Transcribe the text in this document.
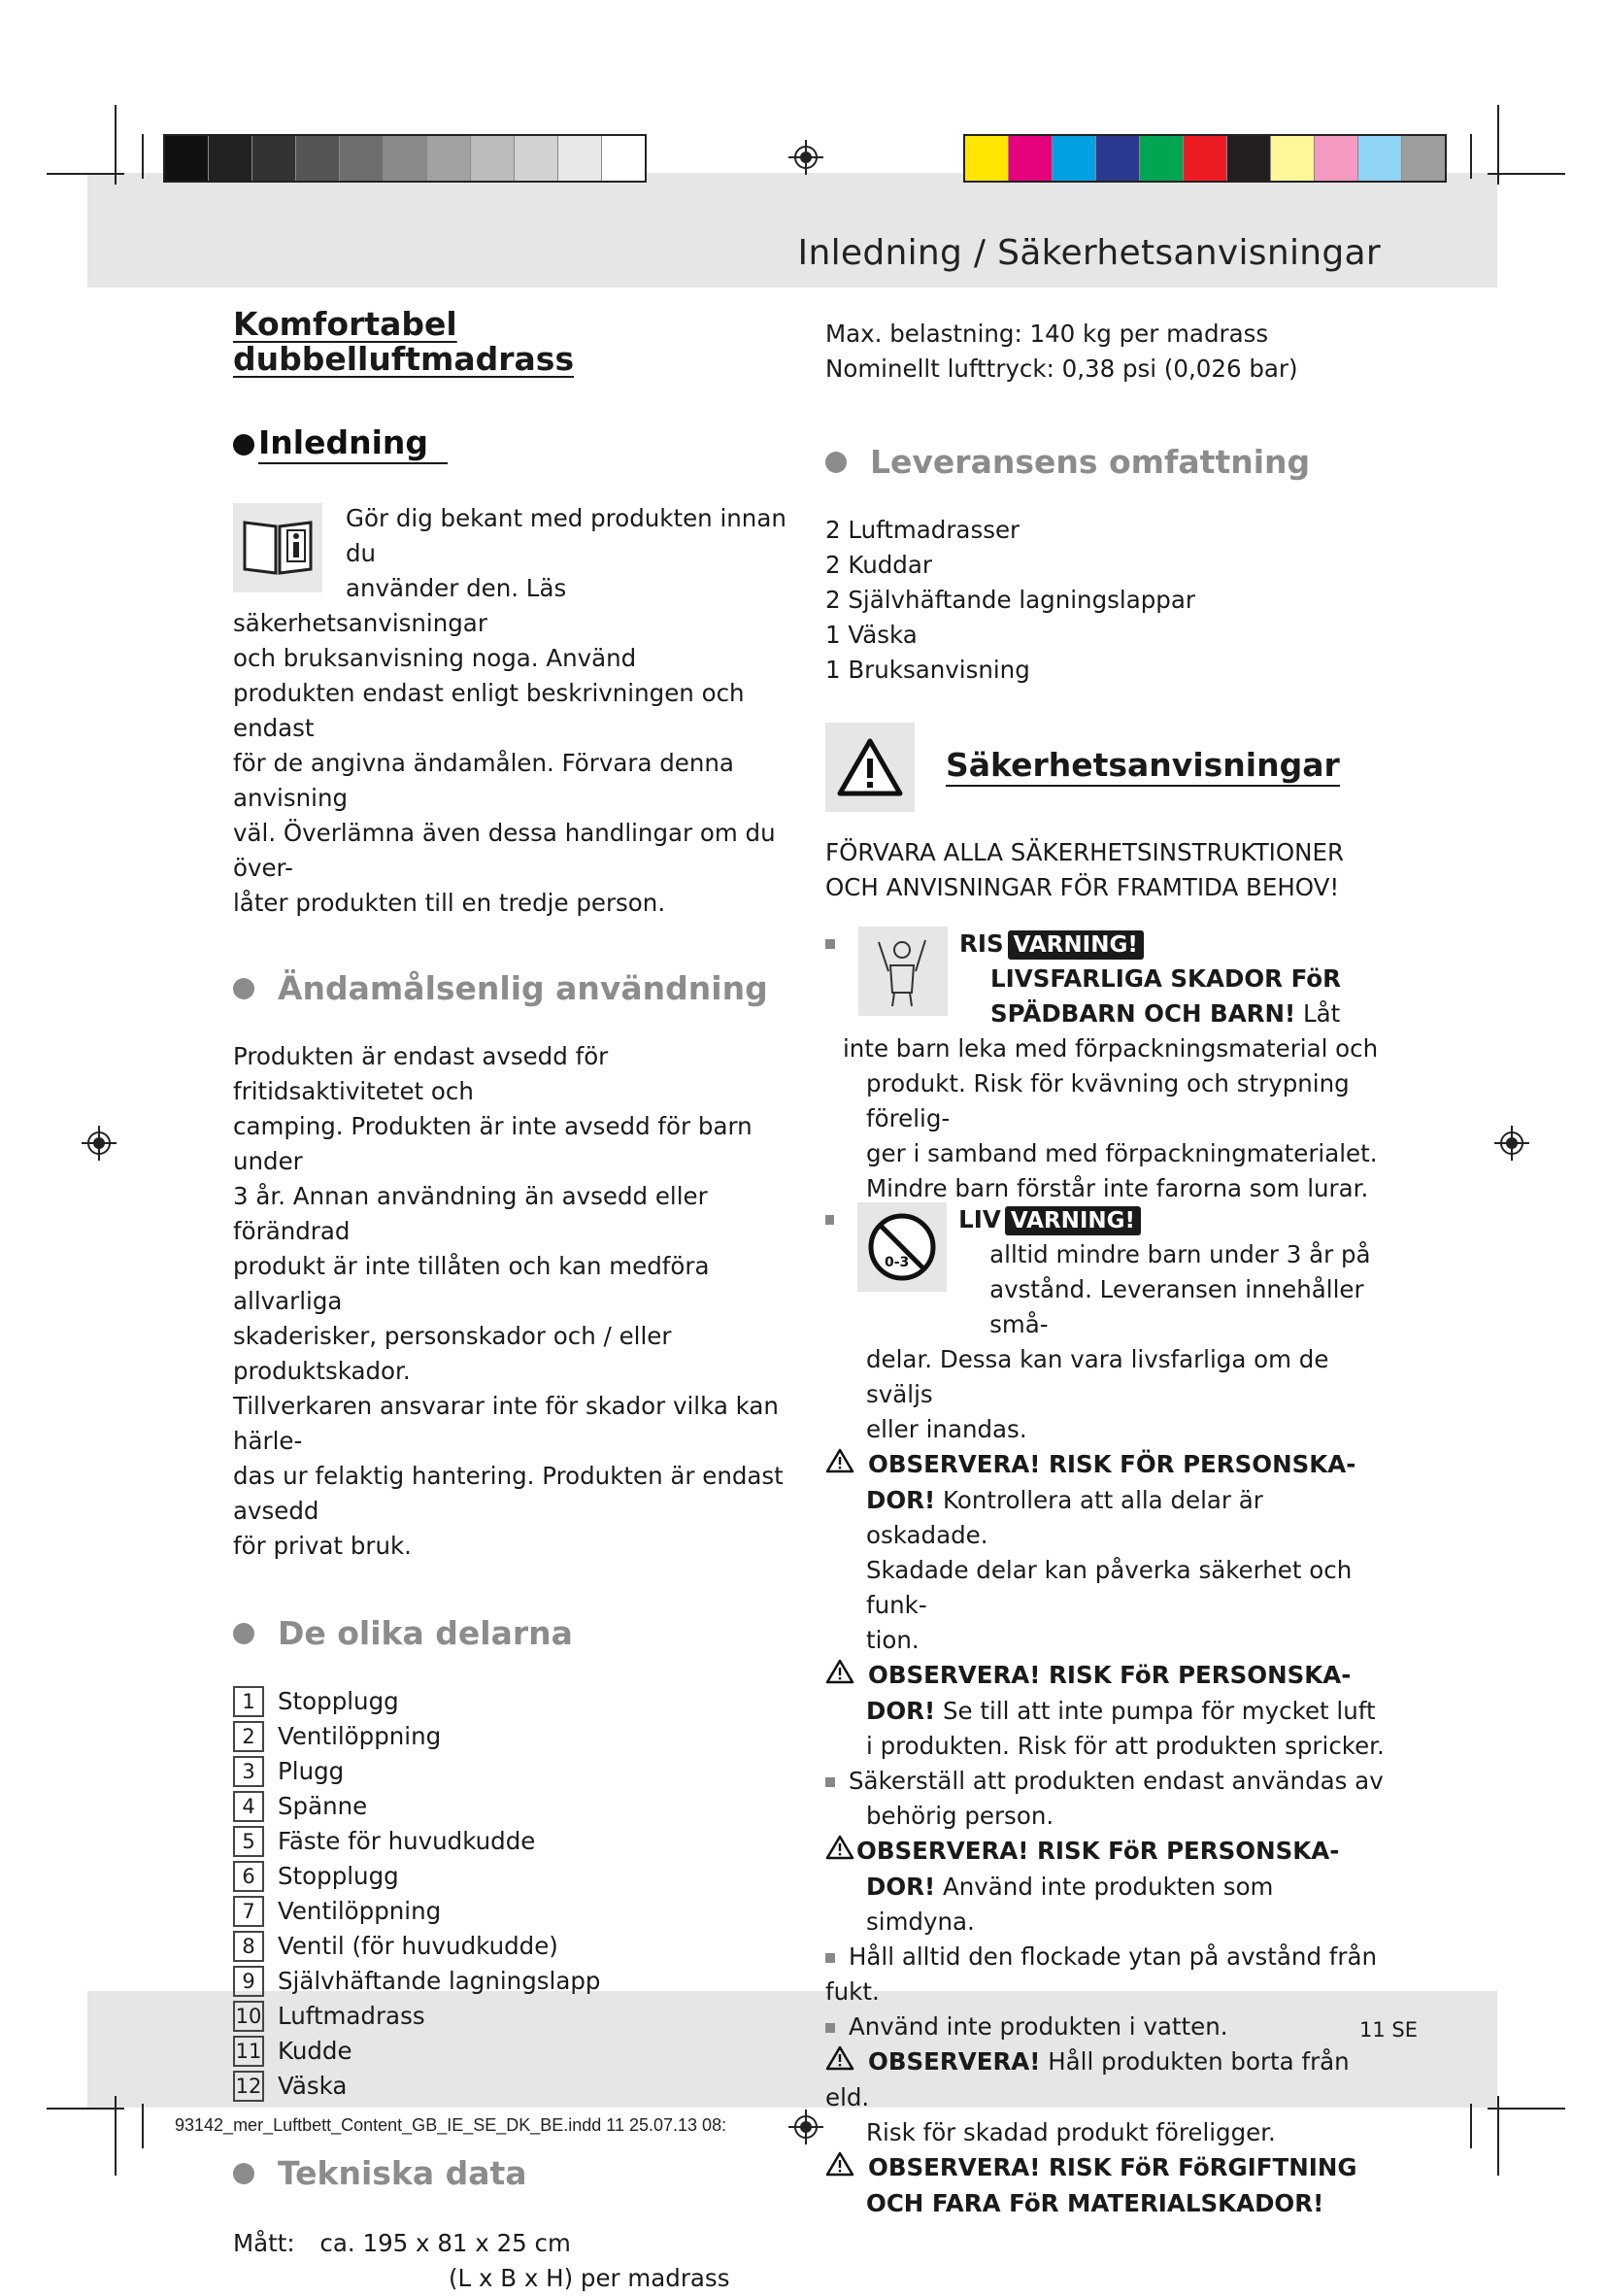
Inledning / Säkerhetsanvisningar
Komfortabel dubbelluftmadrass
Inledning

Gör dig bekant med produkten innan du

använder den. Läs säkerhetsanvisningar

och bruksanvisning noga. Använd

produkten endast enligt beskrivningen och endast

för de angivna ändamålen. Förvara denna anvisning

väl. Överlämna även dessa handlingar om du över-

låter produkten till en tredje person.

Ändamålsenlig användning

Produkten är endast avsedd för fritidsaktivitetet och

camping. Produkten är inte avsedd för barn under

3 år. Annan användning än avsedd eller förändrad

produkt är inte tillåten och kan medföra allvarliga

skaderisker, personskador och / eller produktskador.

Tillverkaren ansvarar inte för skador vilka kan härle-

das ur felaktig hantering. Produkten är endast avsedd

för privat bruk.

De olika delarna
1 Stopplugg
2 Ventilöppning
3 Plugg
4 Spänne
5 Fäste för huvudkudde
6 Stopplugg
7 Ventilöppning
8 Ventil (för huvudkudde)
9 Självhäftande lagningslapp
10 Luftmadrass
11 Kudde
12 Väska
Tekniska data

Mått: ca. 195 x 81 x 25 cm

(L x B x H) per madrass

Max. belastning: 140 kg per madrass

Nominellt lufttryck: 0,38 psi (0,026 bar)

Leveransens omfattning

2 Luftmadrasser

2 Kuddar

2 Självhäftande lagningslappar

1 Väska

1 Bruksanvisning

Säkerhetsanvisningar

FÖRVARA ALLA SÄKERHETSINSTRUKTIONER

OCH ANVISNINGAR FÖR FRAMTIDA BEHOV!

RIS VARNING!

LIVSFARLIGA SKADOR FöR

SPÄDBARN OCH BARN! Låt

inte barn leka med förpackningsmaterial och

produkt. Risk för kvävning och strypning förelig-

ger i samband med förpackningmaterialet.

Mindre barn förstår inte farorna som lurar.

0-3

LIV VARNING!

alltid mindre barn under 3 år på

avstånd. Leveransen innehåller små-

delar. Dessa kan vara livsfarliga om de sväljs

eller inandas.

OBSERVERA! RISK FÖR PERSONSKA-

DOR! Kontrollera att alla delar är oskadade.

Skadade delar kan påverka säkerhet och funk-

tion.

OBSERVERA! RISK FöR PERSONSKA-

DOR! Se till att inte pumpa för mycket luft

i produkten. Risk för att produkten spricker.

Säkerställ att produkten endast användas av

behörig person.

OBSERVERA! RISK FöR PERSONSKA-

DOR! Använd inte produkten som simdyna.

Håll alltid den flockade ytan på avstånd från fukt.

Använd inte produkten i vatten.

OBSERVERA! Håll produkten borta från eld.

Risk för skadad produkt föreligger.

OBSERVERA! RISK FöR FöRGIFTNING

OCH FARA FöR MATERIALSKADOR!

11 SE
93142_mer_Luftbett_Content_GB_IE_SE_DK_BE.indd 11 25.07.13 08:
